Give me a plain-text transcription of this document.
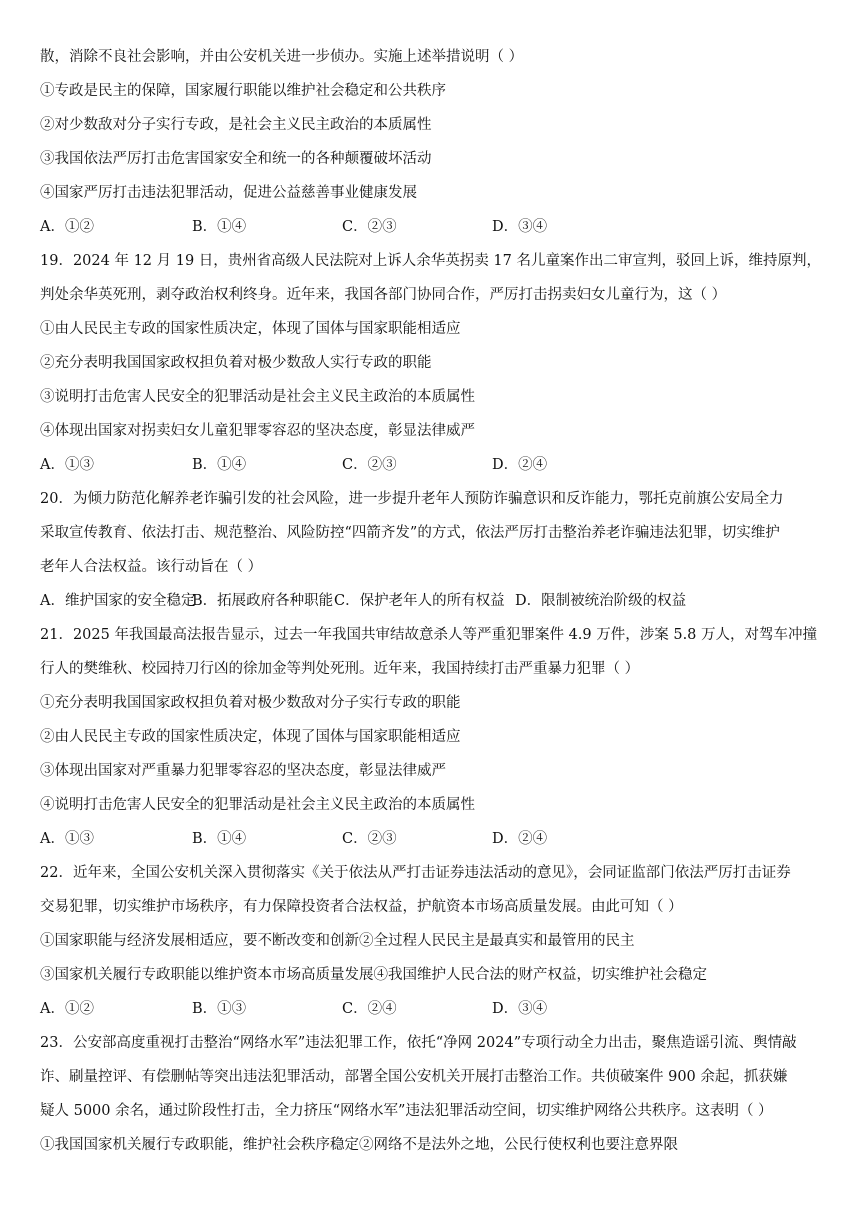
散，消除不良社会影响，并由公安机关进一步侦办。实施上述举措说明（ ）
①专政是民主的保障，国家履行职能以维护社会稳定和公共秩序
②对少数敌对分子实行专政，是社会主义民主政治的本质属性
③我国依法严厉打击危害国家安全和统一的各种颠覆破坏活动
④国家严厉打击违法犯罪活动，促进公益慈善事业健康发展
A．①②	B．①④	C．②③	D．③④
19．2024 年 12 月 19 日，贵州省高级人民法院对上诉人余华英拐卖 17 名儿童案作出二审宣判，驳回上诉，维持原判，
判处余华英死刑，剥夺政治权利终身。近年来，我国各部门协同合作，严厉打击拐卖妇女儿童行为，这（ ）
①由人民民主专政的国家性质决定，体现了国体与国家职能相适应
②充分表明我国国家政权担负着对极少数敌人实行专政的职能
③说明打击危害人民安全的犯罪活动是社会主义民主政治的本质属性
④体现出国家对拐卖妇女儿童犯罪零容忍的坚决态度，彰显法律威严
A．①③	B．①④	C．②③	D．②④
20．为倾力防范化解养老诈骗引发的社会风险，进一步提升老年人预防诈骗意识和反诈能力，鄂托克前旗公安局全力
采取宣传教育、依法打击、规范整治、风险防控“四箭齐发”的方式，依法严厉打击整治养老诈骗违法犯罪，切实维护
老年人合法权益。该行动旨在（ ）
A．维护国家的安全稳定
B．拓展政府各种职能 C．保护老年人的所有权益 D．限制被统治阶级的权益
21．2025 年我国最高法报告显示，过去一年我国共审结故意杀人等严重犯罪案件 4.9 万件，涉案 5.8 万人，对驾车冲撞
行人的樊维秋、校园持刀行凶的徐加金等判处死刑。近年来，我国持续打击严重暴力犯罪（ ）
①充分表明我国国家政权担负着对极少数敌对分子实行专政的职能
②由人民民主专政的国家性质决定，体现了国体与国家职能相适应
③体现出国家对严重暴力犯罪零容忍的坚决态度，彰显法律威严
④说明打击危害人民安全的犯罪活动是社会主义民主政治的本质属性
A．①③	B．①④	C．②③	D．②④
22．近年来，全国公安机关深入贯彻落实《关于依法从严打击证券违法活动的意见》，会同证监部门依法严厉打击证券
交易犯罪，切实维护市场秩序，有力保障投资者合法权益，护航资本市场高质量发展。由此可知（ ）
①国家职能与经济发展相适应，要不断改变和创新②全过程人民民主是最真实和最管用的民主
③国家机关履行专政职能以维护资本市场高质量发展④我国维护人民合法的财产权益，切实维护社会稳定
A．①②	B．①③	C．②④	D．③④
23．公安部高度重视打击整治“网络水军”违法犯罪工作，依托“净网 2024”专项行动全力出击，聚焦造谣引流、舆情敲
诈、刷量控评、有偿删帖等突出违法犯罪活动，部署全国公安机关开展打击整治工作。共侦破案件 900 余起，抓获嫌
疑人 5000 余名，通过阶段性打击，全力挤压“网络水军”违法犯罪活动空间，切实维护网络公共秩序。这表明（ ）
①我国国家机关履行专政职能，维护社会秩序稳定②网络不是法外之地，公民行使权利也要注意界限
